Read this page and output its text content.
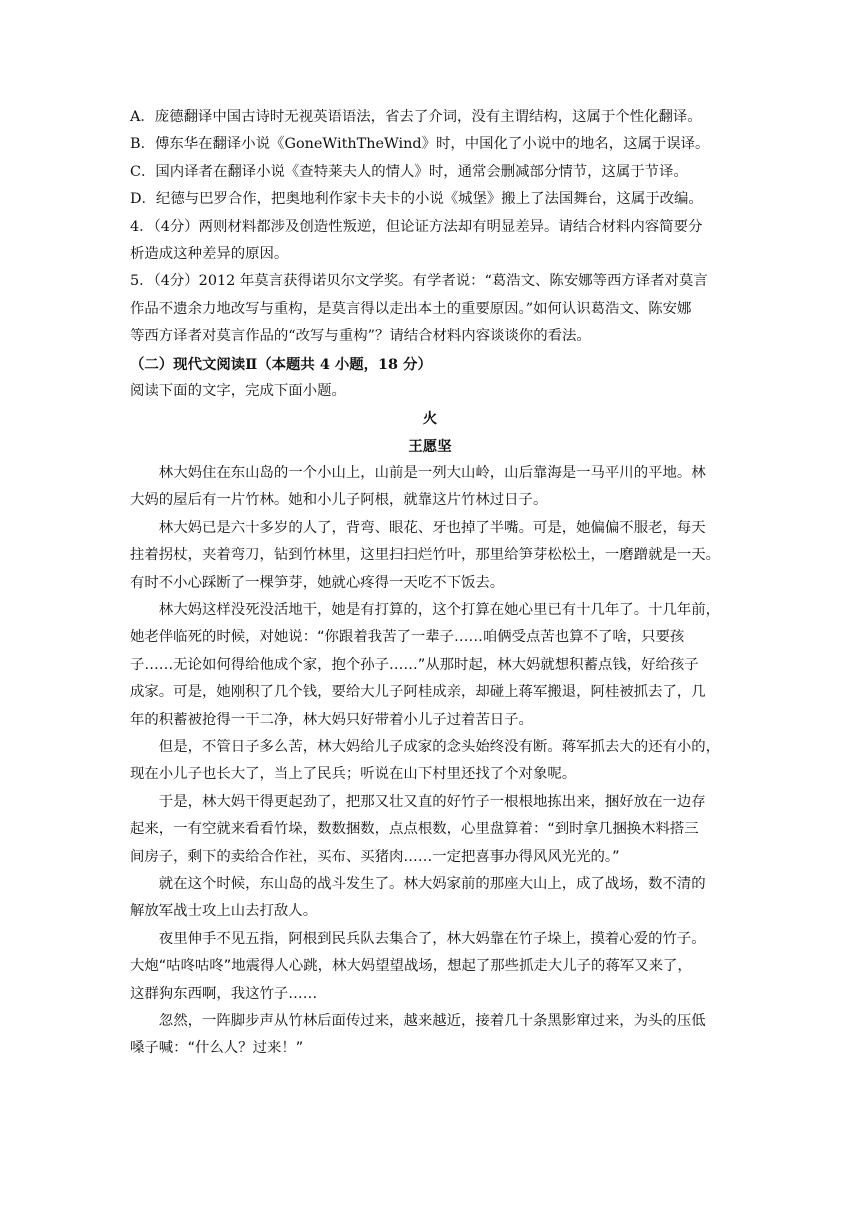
A．庞德翻译中国古诗时无视英语语法，省去了介词，没有主谓结构，这属于个性化翻译。
B．傅东华在翻译小说《GoneWithTheWind》时，中国化了小说中的地名，这属于误译。
C．国内译者在翻译小说《查特莱夫人的情人》时，通常会删减部分情节，这属于节译。
D．纪德与巴罗合作，把奥地利作家卡夫卡的小说《城堡》搬上了法国舞台，这属于改编。
4．（4分）两则材料都涉及创造性叛逆，但论证方法却有明显差异。请结合材料内容简要分
析造成这种差异的原因。
5．（4分）2012 年莫言获得诺贝尔文学奖。有学者说：“葛浩文、陈安娜等西方译者对莫言
作品不遗余力地改写与重构，是莫言得以走出本土的重要原因。”如何认识葛浩文、陈安娜
等西方译者对莫言作品的“改写与重构”？请结合材料内容谈谈你的看法。
（二）现代文阅读Ⅱ（本题共 4 小题，18 分）
阅读下面的文字，完成下面小题。
火
王愿坚
林大妈住在东山岛的一个小山上，山前是一列大山岭，山后靠海是一马平川的平地。林
大妈的屋后有一片竹林。她和小儿子阿根，就靠这片竹林过日子。
林大妈已是六十多岁的人了，背弯、眼花、牙也掉了半嘴。可是，她偏偏不服老，每天
拄着拐杖，夹着弯刀，钻到竹林里，这里扫扫烂竹叶，那里给笋芽松松土，一磨蹭就是一天。
有时不小心踩断了一棵笋芽，她就心疼得一天吃不下饭去。
林大妈这样没死没活地干，她是有打算的，这个打算在她心里已有十几年了。十几年前，
她老伴临死的时候，对她说：“你跟着我苦了一辈子……咱俩受点苦也算不了啥，只要孩
子……无论如何得给他成个家，抱个孙子……”从那时起，林大妈就想积蓄点钱，好给孩子
成家。可是，她刚积了几个钱，要给大儿子阿桂成亲，却碰上蒋军搬退，阿桂被抓去了，几
年的积蓄被抢得一干二净，林大妈只好带着小儿子过着苦日子。
但是，不管日子多么苦，林大妈给儿子成家的念头始终没有断。蒋军抓去大的还有小的，
现在小儿子也长大了，当上了民兵；听说在山下村里还找了个对象呢。
于是，林大妈干得更起劲了，把那又壮又直的好竹子一根根地拣出来，捆好放在一边存
起来，一有空就来看看竹垛，数数捆数，点点根数，心里盘算着：“到时拿几捆换木料搭三
间房子，剩下的卖给合作社，买布、买猪肉……一定把喜事办得风风光光的。”
就在这个时候，东山岛的战斗发生了。林大妈家前的那座大山上，成了战场，数不清的
解放军战士攻上山去打敌人。
夜里伸手不见五指，阿根到民兵队去集合了，林大妈靠在竹子垛上，摸着心爱的竹子。
大炮“咕咚咕咚”地震得人心跳，林大妈望望战场，想起了那些抓走大儿子的蒋军又来了，
这群狗东西啊，我这竹子……
忽然，一阵脚步声从竹林后面传过来，越来越近，接着几十条黑影窜过来，为头的压低
嗓子喊：“什么人？过来！”
